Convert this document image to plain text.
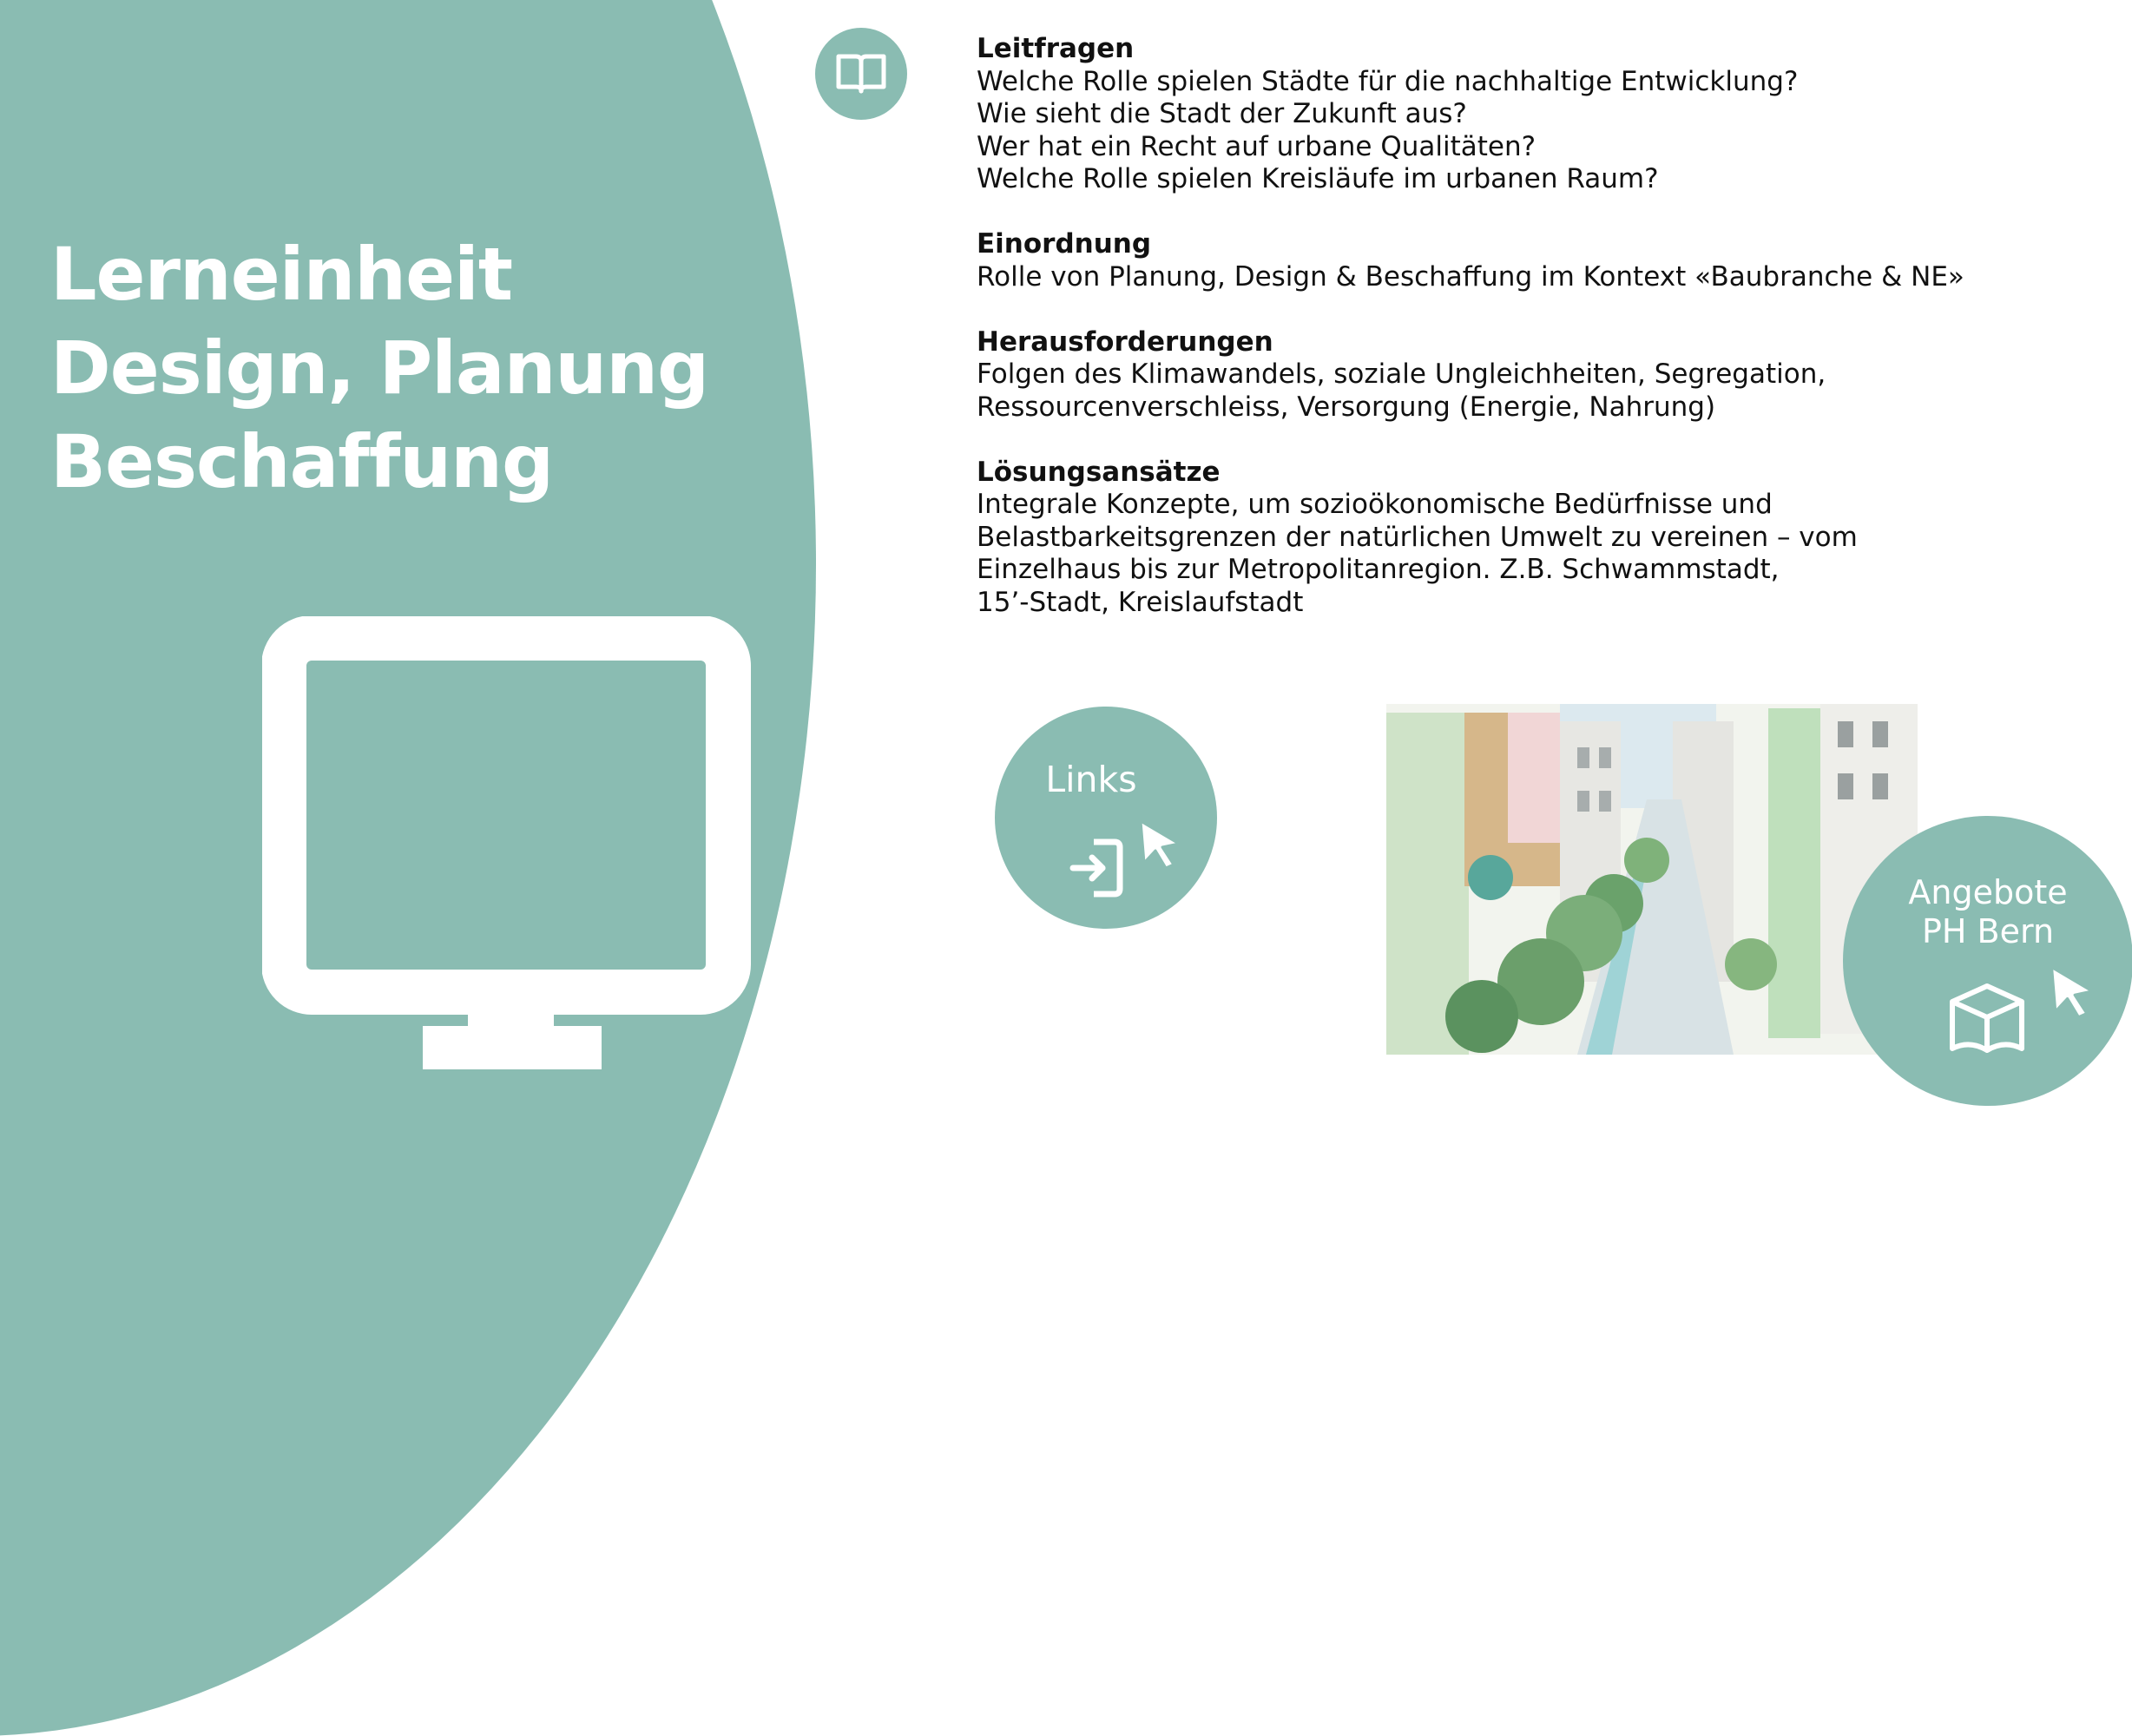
Lerneinheit
Design, Planung
Beschaffung
Leitfragen
Welche Rolle spielen Städte für die nachhaltige Entwicklung?
Wie sieht die Stadt der Zukunft aus?
Wer hat ein Recht auf urbane Qualitäten?
Welche Rolle spielen Kreisläufe im urbanen Raum?
Einordnung
Rolle von Planung, Design & Beschaffung im Kontext «Baubranche & NE»
Herausforderungen
Folgen des Klimawandels, soziale Ungleichheiten, Segregation,
Ressourcenverschleiss, Versorgung (Energie, Nahrung)
Lösungsansätze
Integrale Konzepte, um sozioökonomische Bedürfnisse und
Belastbarkeitsgrenzen der natürlichen Umwelt zu vereinen – vom
Einzelhaus bis zur Metropolitanregion. Z.B. Schwammstadt,
15’-Stadt, Kreislaufstadt
Links
Angebote
PH Bern
